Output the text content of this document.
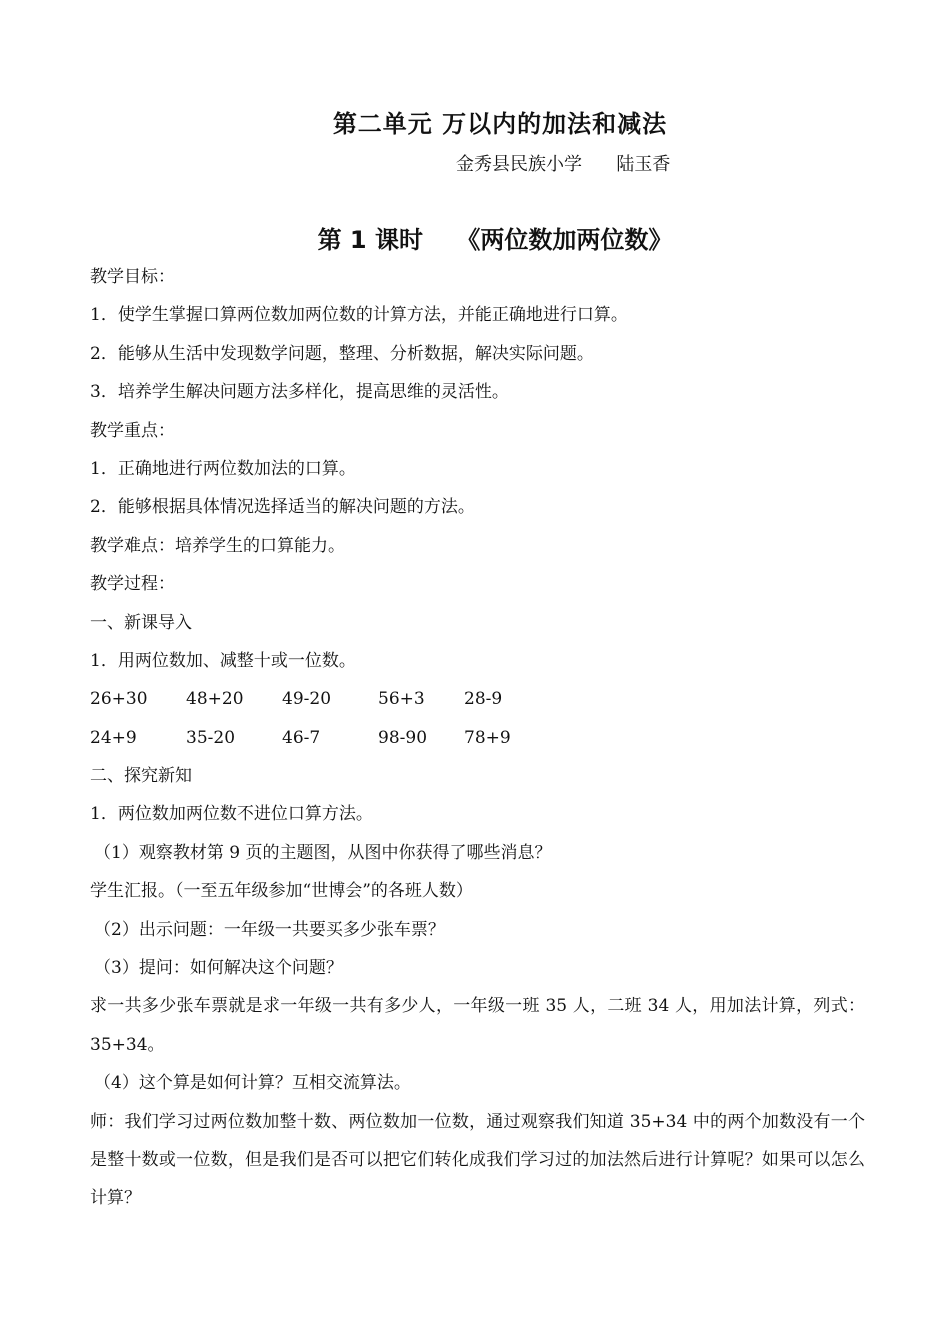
第二单元 万以内的加法和减法
金秀县民族小学      陆玉香
第 1 课时    《两位数加两位数》
教学目标：
1．使学生掌握口算两位数加两位数的计算方法，并能正确地进行口算。
2．能够从生活中发现数学问题，整理、分析数据，解决实际问题。
3．培养学生解决问题方法多样化，提高思维的灵活性。
教学重点：
1．正确地进行两位数加法的口算。
2．能够根据具体情况选择适当的解决问题的方法。
教学难点：培养学生的口算能力。
教学过程：
一、新课导入
1．用两位数加、减整十或一位数。
26+30	48+20	49-20	56+3	28-9
24+9	35-20	46-7	98-90	78+9
二、探究新知
1．两位数加两位数不进位口算方法。
（1）观察教材第 9 页的主题图，从图中你获得了哪些消息？
学生汇报。（一至五年级参加“世博会”的各班人数）
（2）出示问题：一年级一共要买多少张车票？
（3）提问：如何解决这个问题？
求一共多少张车票就是求一年级一共有多少人，一年级一班 35 人，二班 34 人，用加法计算，列式：35+34。
（4）这个算是如何计算？互相交流算法。
师：我们学习过两位数加整十数、两位数加一位数，通过观察我们知道 35+34 中的两个加数没有一个是整十数或一位数，但是我们是否可以把它们转化成我们学习过的加法然后进行计算呢？如果可以怎么计算？
